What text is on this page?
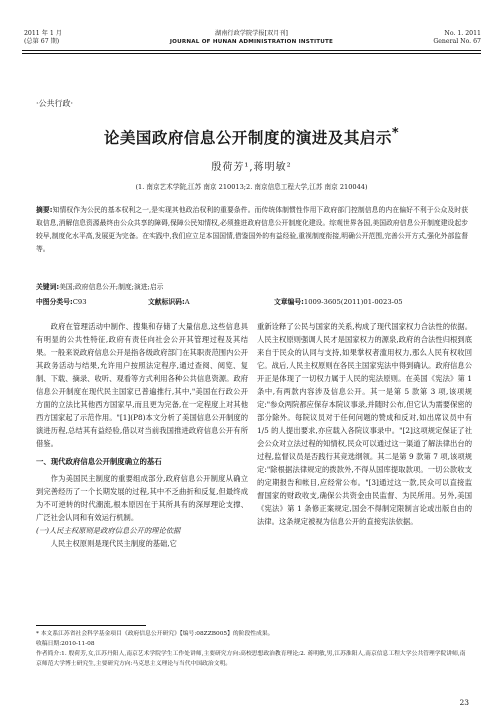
2011 年 1 月
(总第 67 期)
湖南行政学院学报[双月刊]
JOURNAL OF HUNAN ADMINISTRATION INSTITUTE
No. 1. 2011
General No. 67
·公共行政·
论美国政府信息公开制度的演进及其启示*
殷荷芳¹,蒋明敏²
(1. 南京艺术学院,江苏 南京 210013;2. 南京信息工程大学,江苏 南京 210044)
摘要:知情权作为公民的基本权利之一,是实现其他政治权利的重要条件。而传统体制惯性作用下政府部门控制信息的内在偏好不利于公众及时获取信息,消解信息资源最终由公众共享的障碍,保障公民知情权,必须推进政府信息公开制度化建设。综观世界各国,美国政府信息公开制度建设起步较早,制度化水平高,发展更为完备。在实践中,我们应立足本国国情,借鉴国外的有益经验,重视制度衔接,明确公开范围,完善公开方式,强化外部监督等。
关键词:美国;政府信息公开;制度;演进;启示
中图分类号:C93	文献标识码:A	文章编号:1009-3605(2011)01-0023-05

政府在管理活动中制作、搜集和存储了大量信息,这些信息具有明显的公共性特征,政府有责任向社会公开其管理过程及其结果。一般来说政府信息公开是指各级政府部门在其职责范围内公开其政务活动与结果,允许用户按照法定程序,通过查阅、阅览、复制、下载、摘录、收听、观看等方式利用各种公共信息资源。政府信息公开制度在现代民主国家已普遍推行,其中,"美国在行政公开方面的立法比其他西方国家早,而且更为完备,在一定程度上对其他西方国家起了示范作用。"[1](P8)本文分析了美国信息公开制度的演进历程,总结其有益经验,借以对当前我国推进政府信息公开有所借鉴。

一、现代政府信息公开制度确立的基石

作为美国民主制度的重要组成部分,政府信息公开制度从确立到完善经历了一个长期发展的过程,其中不乏曲折和反复,但最终成为不可逆转的时代潮流,根本原因在于其所具有的深厚理论支撑、广泛社会认同和有效运行机制。

(一)人民主权原则是政府信息公开的理论依据

人民主权原则是现代民主制度的基础,它

重新诠释了公民与国家的关系,构成了现代国家权力合法性的依据。人民主权原则强调人民才是国家权力的源泉,政府的合法性归根到底来自于民众的认同与支持,如果掌权者滥用权力,那么人民有权收回它。战后,人民主权原则在各民主国家宪法中得到确认。政府信息公开正是体现了一切权力属于人民的宪法原则。在美国《宪法》第 1 条中,有两款内容涉及信息公开。其一是第 5 款第 3 项,该项规定:"参众两院都应保存本院议事录,并随时公布,但它认为需要保密的部分除外。每院议员对于任何问题的赞成和反对,如出席议员中有 1/5 的人提出要求,亦应载入各院议事录中。"[2]这项规定保证了社会公众对立法过程的知情权,民众可以通过这一渠道了解法律出台的过程,监督议员是否践行其竞选纲领。其二是第 9 款第 7 项,该项规定:"除根据法律规定的拨款外,不得从国库提取款项。一切公款收支的定期报告和帐目,应经常公布。"[3]通过这一款,民众可以直接监督国家的财政收支,确保公共资金由民监督、为民所用。另外,美国《宪法》第 1 条修正案规定,国会不得制定限制言论或出版自由的法律。这条规定被视为信息公开的直接宪法依据。

* 本文系江苏省社会科学基金项目《政府信息公开研究》【编号:08ZZB005】的阶段性成果。
收稿日期:2010-11-08
作者简介:1. 殷荷芳,女,江苏丹阳人,南京艺术学院学生工作处讲师,主要研究方向:高校思想政治教育理论;2. 蒋明敏,男,江苏淮阳人,南京信息工程大学公共管理学院讲师,南京师范大学博士研究生,主要研究方向:马克思主义理论与当代中国政治文明。
23
